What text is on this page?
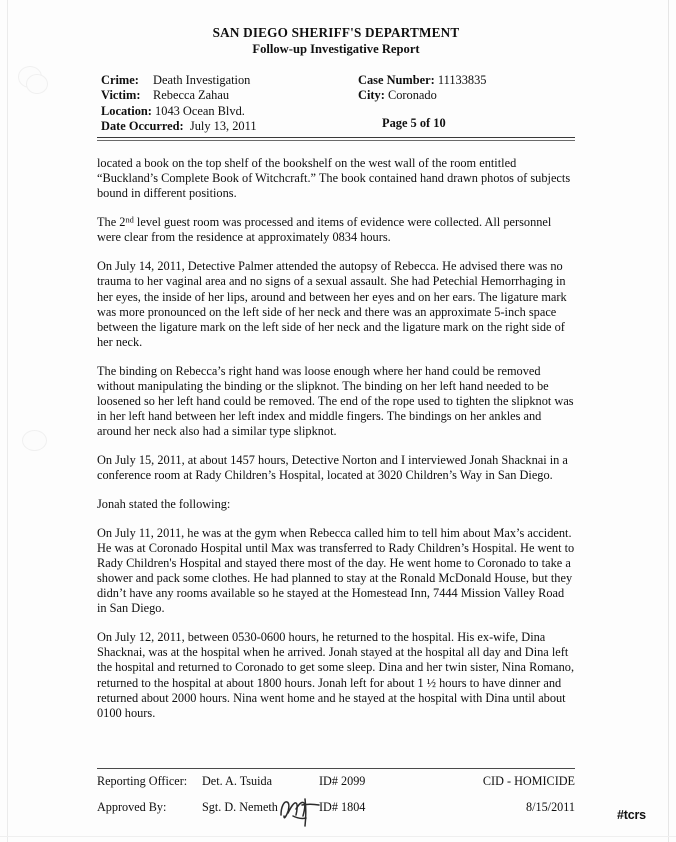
SAN DIEGO SHERIFF'S DEPARTMENT
Follow-up Investigative Report
Crime: Death Investigation
Victim: Rebecca Zahau
Location: 1043 Ocean Blvd.
Date Occurred: July 13, 2011
Case Number: 11133835
City: Coronado
Page 5 of 10

located a book on the top shelf of the bookshelf on the west wall of the room entitled “Buckland’s Complete Book of Witchcraft.” The book contained hand drawn photos of subjects bound in different positions.

The 2nd level guest room was processed and items of evidence were collected. All personnel were clear from the residence at approximately 0834 hours.

On July 14, 2011, Detective Palmer attended the autopsy of Rebecca. He advised there was no trauma to her vaginal area and no signs of a sexual assault. She had Petechial Hemorrhaging in her eyes, the inside of her lips, around and between her eyes and on her ears. The ligature mark was more pronounced on the left side of her neck and there was an approximate 5-inch space between the ligature mark on the left side of her neck and the ligature mark on the right side of her neck.

The binding on Rebecca’s right hand was loose enough where her hand could be removed without manipulating the binding or the slipknot. The binding on her left hand needed to be loosened so her left hand could be removed. The end of the rope used to tighten the slipknot was in her left hand between her left index and middle fingers. The bindings on her ankles and around her neck also had a similar type slipknot.

On July 15, 2011, at about 1457 hours, Detective Norton and I interviewed Jonah Shacknai in a conference room at Rady Children’s Hospital, located at 3020 Children’s Way in San Diego.

Jonah stated the following:

On July 11, 2011, he was at the gym when Rebecca called him to tell him about Max’s accident. He was at Coronado Hospital until Max was transferred to Rady Children’s Hospital. He went to Rady Children's Hospital and stayed there most of the day. He went home to Coronado to take a shower and pack some clothes. He had planned to stay at the Ronald McDonald House, but they didn’t have any rooms available so he stayed at the Homestead Inn, 7444 Mission Valley Road in San Diego.

On July 12, 2011, between 0530-0600 hours, he returned to the hospital. His ex-wife, Dina Shacknai, was at the hospital when he arrived. Jonah stayed at the hospital all day and Dina left the hospital and returned to Coronado to get some sleep. Dina and her twin sister, Nina Romano, returned to the hospital at about 1800 hours. Jonah left for about 1 ½ hours to have dinner and returned about 2000 hours. Nina went home and he stayed at the hospital with Dina until about 0100 hours.

Reporting Officer: Det. A. Tsuida	ID# 2099	CID - HOMICIDE
Approved By:	Sgt. D. Nemeth	ID# 1804	8/15/2011
#tcrs
